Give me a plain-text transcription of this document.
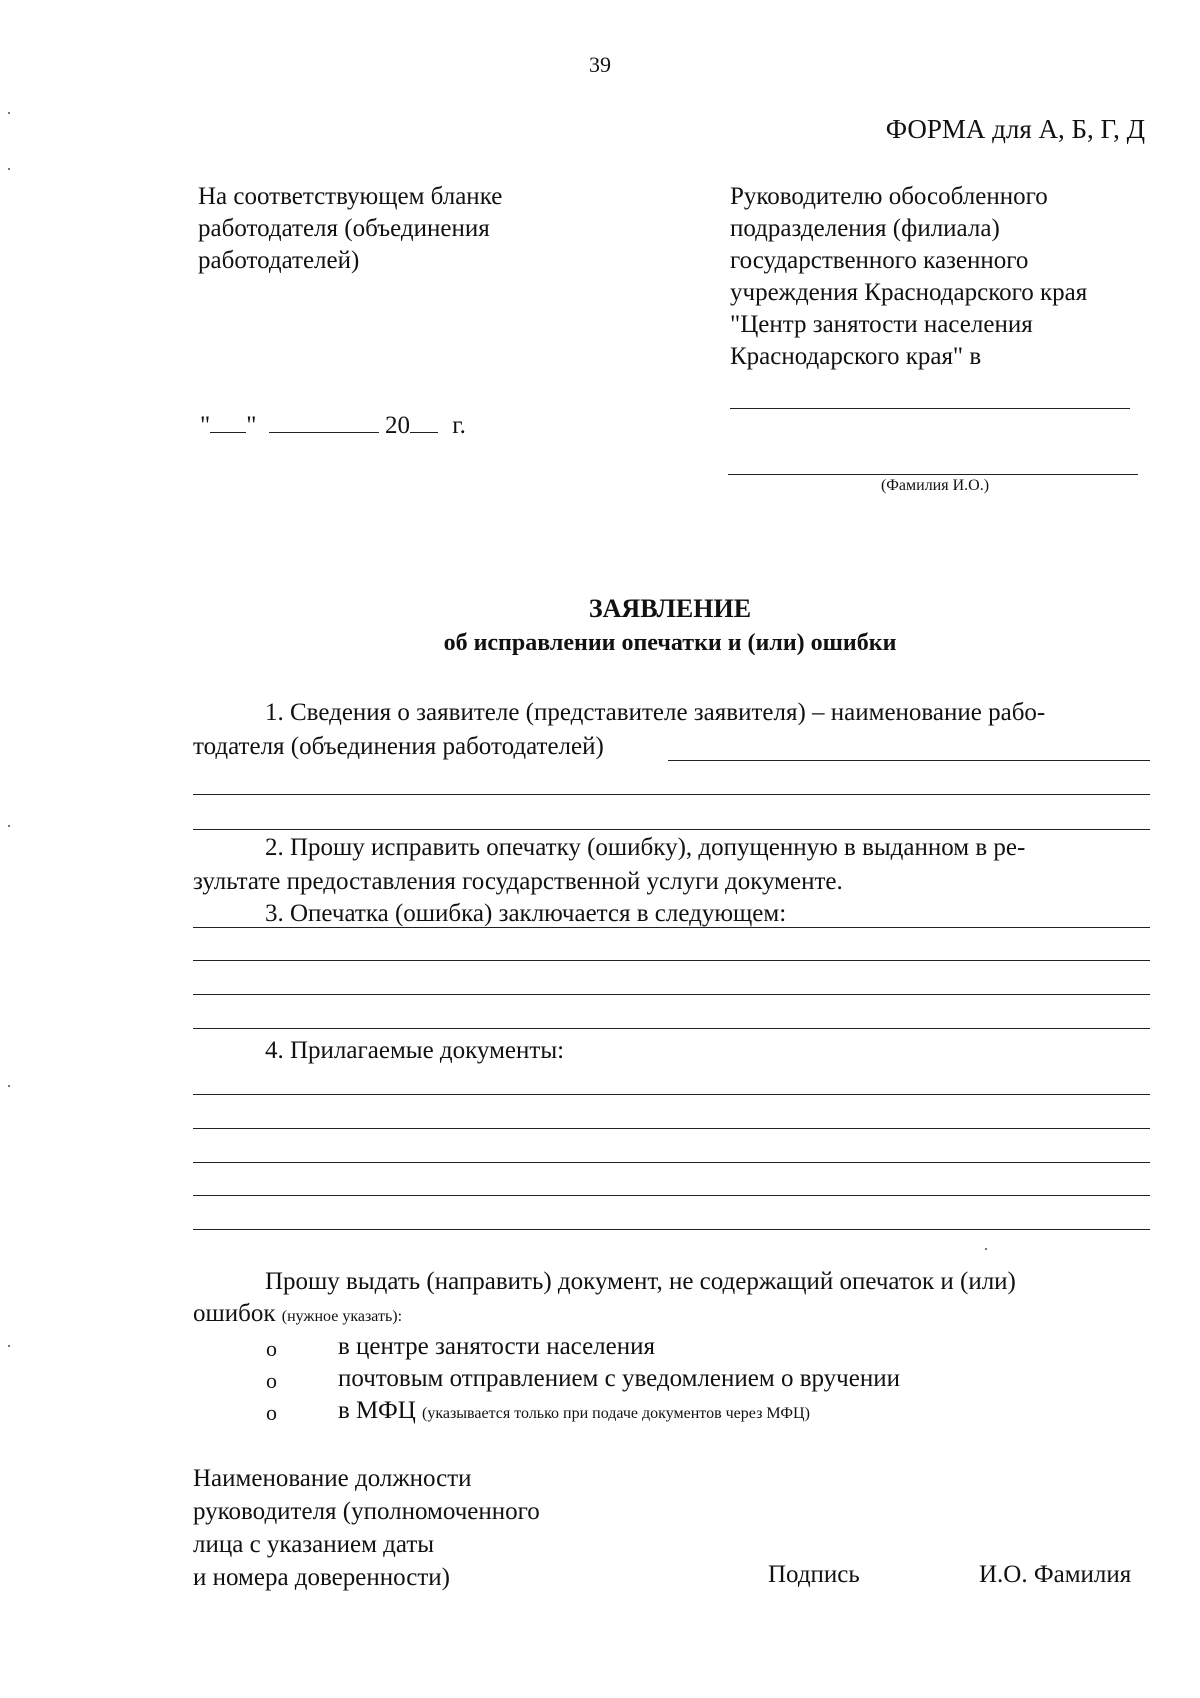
39
ФОРМА для А, Б, Г, Д
На соответствующем бланке
работодателя (объединения
работодателей)
Руководителю обособленного
подразделения (филиала)
государственного казенного
учреждения Краснодарского края
"Центр занятости населения
Краснодарского края" в
(Фамилия И.О.)
" "	20 г.
ЗАЯВЛЕНИЕ
об исправлении опечатки и (или) ошибки
1. Сведения о заявителе (представителе заявителя) – наименование рабо-
тодателя (объединения работодателей)
2. Прошу исправить опечатку (ошибку), допущенную в выданном в ре-
зультате предоставления государственной услуги документе.
3. Опечатка (ошибка) заключается в следующем:
4. Прилагаемые документы:
Прошу выдать (направить) документ, не содержащий опечаток и (или)
ошибок (нужное указать):
o в центре занятости населения
o почтовым отправлением с уведомлением о вручении
o в МФЦ (указывается только при подаче документов через МФЦ)
Наименование должности
руководителя (уполномоченного
лица с указанием даты
и номера доверенности)	Подпись	И.О. Фамилия
